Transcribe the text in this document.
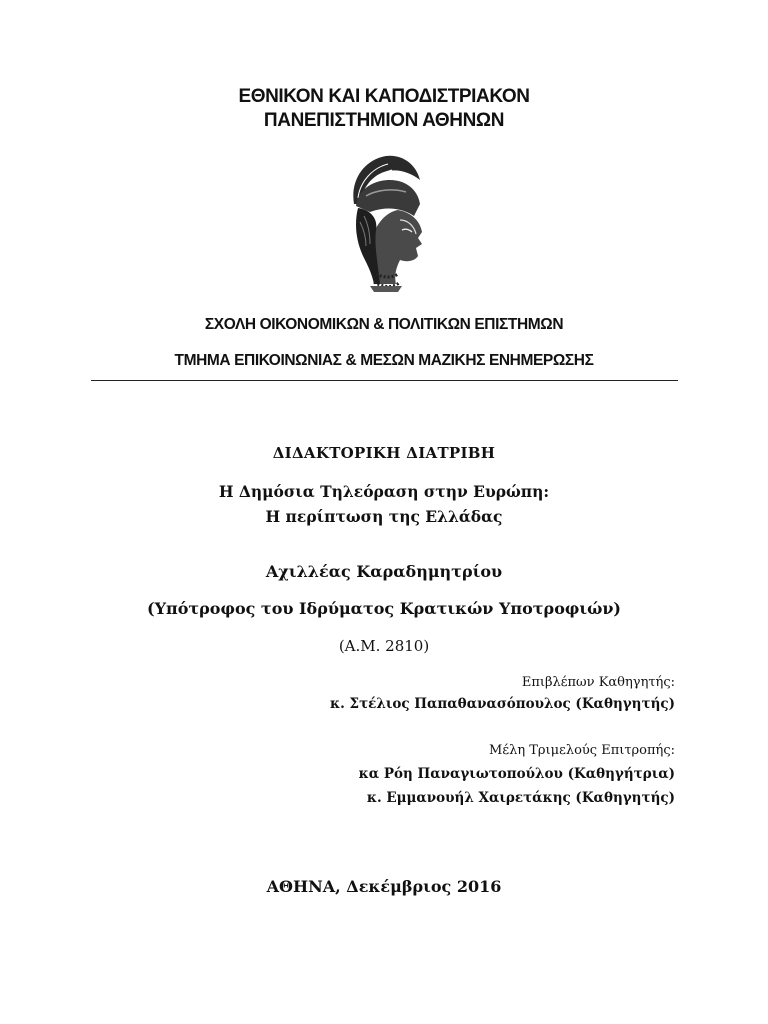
ΕΘΝΙΚΟΝ ΚΑΙ ΚΑΠΟΔΙΣΤΡΙΑΚΟΝ
ΠΑΝΕΠΙΣΤΗΜΙΟΝ ΑΘΗΝΩΝ
ΣΧΟΛΗ ΟΙΚΟΝΟΜΙΚΩΝ & ΠΟΛΙΤΙΚΩΝ ΕΠΙΣΤΗΜΩΝ
ΤΜΗΜΑ ΕΠΙΚΟΙΝΩΝΙΑΣ & ΜΕΣΩΝ ΜΑΖΙΚΗΣ ΕΝΗΜΕΡΩΣΗΣ
ΔΙΔΑΚΤΟΡΙΚΗ ΔΙΑΤΡΙΒΗ
Η Δημόσια Τηλεόραση στην Ευρώπη:
Η περίπτωση της Ελλάδας
Αχιλλέας Καραδημητρίου
(Υπότροφος του Ιδρύματος Κρατικών Υποτροφιών)
(Α.Μ. 2810)
Επιβλέπων Καθηγητής:
κ. Στέλιος Παπαθανασόπουλος (Καθηγητής)
Μέλη Τριμελούς Επιτροπής:
κα Ρόη Παναγιωτοπούλου (Καθηγήτρια)
κ. Εμμανουήλ Χαιρετάκης (Καθηγητής)
ΑΘΗΝΑ, Δεκέμβριος 2016
